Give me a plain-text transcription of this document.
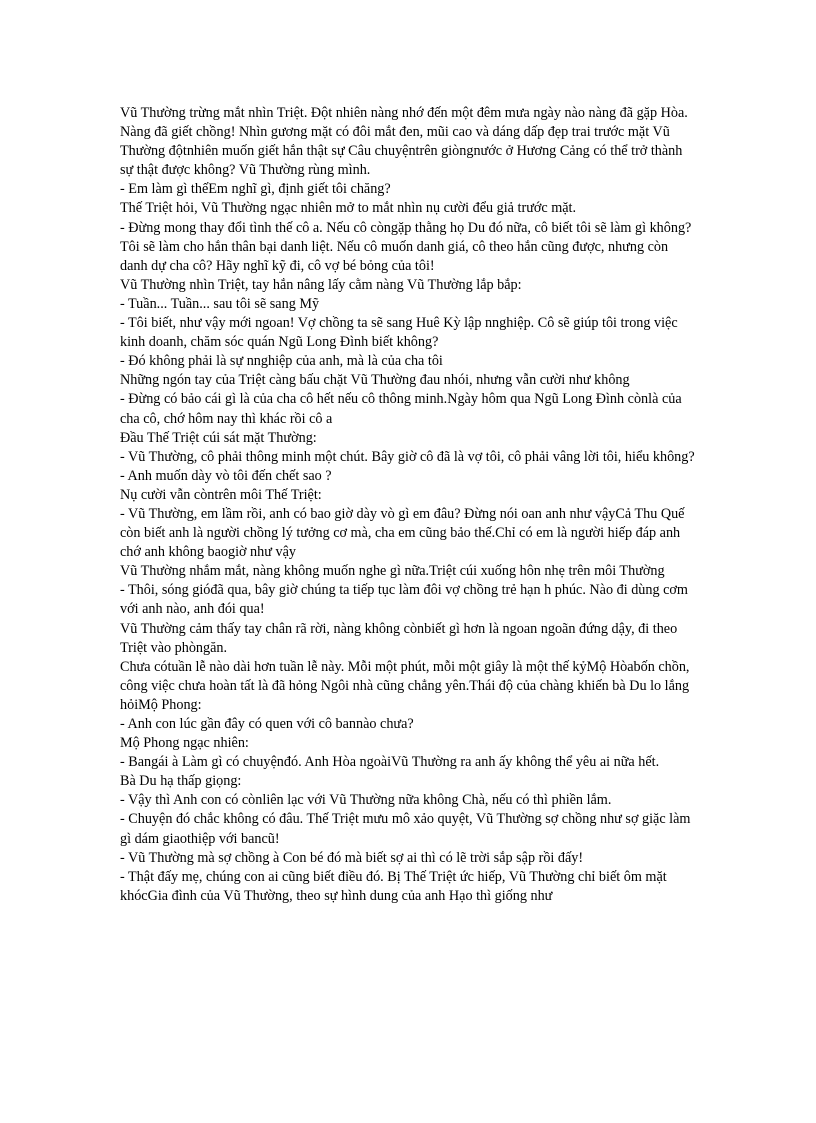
Vũ Thường trừng mắt nhìn Triệt. Đột nhiên nàng nhớ đến một đêm mưa ngày nào nàng đã gặp Hòa. Nàng đã giết chồng! Nhìn gương mặt có đôi mắt đen, mũi cao và dáng dấp đẹp trai trước mặt Vũ Thường độtnhiên muốn giết hắn thật sự Câu chuyệntrên giòngnước ở Hương Cảng có thể trở thành sự thật được không? Vũ Thường rùng mình.

- Em làm gì thếEm nghĩ gì, định giết tôi chăng?

Thế Triệt hỏi, Vũ Thường ngạc nhiên mở to mắt nhìn nụ cười đểu giả trước mặt.

- Đừng mong thay đổi tình thế cô a. Nếu cô còngặp thằng họ Du đó nữa, cô biết tôi sẽ làm gì không? Tôi sẽ làm cho hắn thân bại danh liệt. Nếu cô muốn danh giá, cô theo hắn cũng được, nhưng còn danh dự cha cô? Hãy nghĩ kỹ đi, cô vợ bé bỏng của tôi!

Vũ Thường nhìn Triệt, tay hắn nâng lấy cằm nàng Vũ Thường lắp bắp:

- Tuần... Tuần... sau tôi sẽ sang Mỹ

- Tôi biết, như vậy mới ngoan! Vợ chồng ta sẽ sang Huê Kỳ lập nnghiệp. Cô sẽ giúp tôi trong việc kinh doanh, chăm sóc quán Ngũ Long Đình biết không?

- Đó không phải là sự nnghiệp của anh, mà là của cha tôi

Những ngón tay của Triệt càng bấu chặt Vũ Thường đau nhói, nhưng vẫn cười như không

- Đừng có bảo cái gì là của cha cô hết nếu cô thông minh.Ngày hôm qua Ngũ Long Đình cònlà của cha cô, chớ hôm nay thì khác rồi cô a

Đầu Thế Triệt cúi sát mặt Thường:

- Vũ Thường, cô phải thông minh một chút. Bây giờ cô đã là vợ tôi, cô phải vâng lời tôi, hiểu không?

- Anh muốn dày vò tôi đến chết sao ?

Nụ cười vẫn còntrên môi Thế Triệt:

- Vũ Thường, em lầm rồi, anh có bao giờ dày vò gì em đâu? Đừng nói oan anh như vậyCả Thu Quế còn biết anh là người chồng lý tưởng cơ mà, cha em cũng bảo thế.Chỉ có em là người hiếp đáp anh chớ anh không baogiờ như vậy

Vũ Thường nhắm mắt, nàng không muốn nghe gì nữa.Triệt cúi xuống hôn nhẹ trên môi Thường

- Thôi, sóng gióđã qua, bây giờ chúng ta tiếp tục làm đôi vợ chồng trẻ hạn h phúc. Nào đi dùng cơm với anh nào, anh đói qua!

Vũ Thường cảm thấy tay chân rã rời, nàng không cònbiết gì hơn là ngoan ngoãn đứng dậy, đi theo Triệt vào phòngăn.

Chưa cótuần lễ nào dài hơn tuần lễ này. Mỗi một phút, mỗi một giây là một thế kỷMộ Hòabốn chồn, công việc chưa hoàn tất là đã hỏng Ngôi nhà cũng chẳng yên.Thái độ của chàng khiến bà Du lo lắng hỏiMộ Phong:

- Anh con lúc gần đây có quen với cô bannào chưa?

Mộ Phong ngạc nhiên:

- Bangái à Làm gì có chuyệnđó. Anh Hòa ngoàiVũ Thường ra anh ấy không thể yêu ai nữa hết.

Bà Du hạ thấp giọng:

- Vậy thì Anh con có cònliên lạc với Vũ Thường nữa không Chà, nếu có thì phiền lắm.

- Chuyện đó chắc không có đâu. Thế Triệt mưu mô xảo quyệt, Vũ Thường sợ chồng như sợ giặc làm gì dám giaothiệp với bancũ!

- Vũ Thường mà sợ chồng à Con bé đó mà biết sợ ai thì có lẽ trời sắp sập rồi đấy!

- Thật đấy mẹ, chúng con ai cũng biết điều đó. Bị Thế Triệt ức hiếp, Vũ Thường chỉ biết ôm mặt khócGia đình của Vũ Thường, theo sự hình dung của anh Hạo thì giống như
